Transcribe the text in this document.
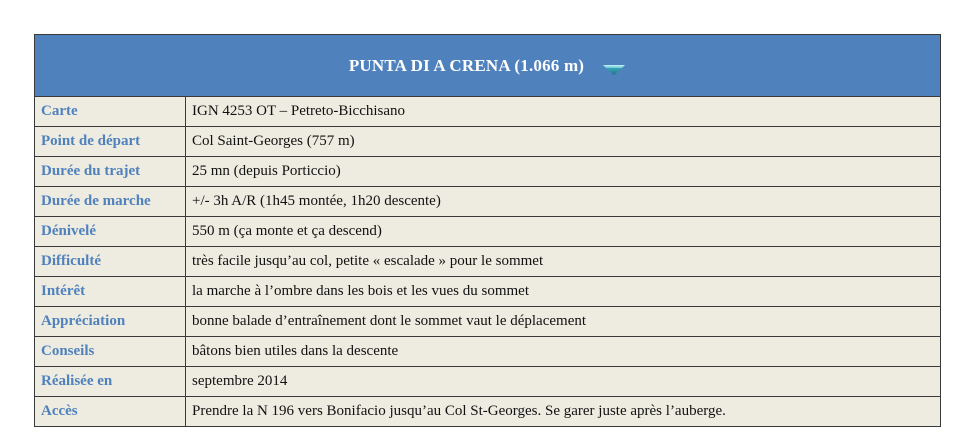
PUNTA DI A CRENA (1.066 m)
Carte	IGN 4253 OT – Petreto-Bicchisano
Point de départ	Col Saint-Georges (757 m)
Durée du trajet	25 mn (depuis Porticcio)
Durée de marche	+/- 3h A/R (1h45 montée, 1h20 descente)
Dénivelé	550 m (ça monte et ça descend)
Difficulté	très facile jusqu’au col, petite « escalade » pour le sommet
Intérêt	la marche à l’ombre dans les bois et les vues du sommet
Appréciation	bonne balade d’entraînement dont le sommet vaut le déplacement
Conseils	bâtons bien utiles dans la descente
Réalisée en	septembre 2014
Accès	Prendre la N 196 vers Bonifacio jusqu’au Col St-Georges. Se garer juste après l’auberge.
